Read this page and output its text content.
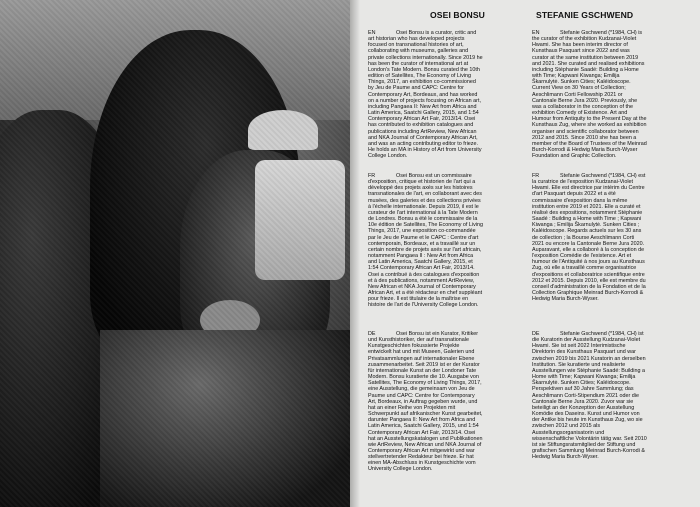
OSEI BONSU	STEFANIE GSCHWEND
EN	Osei Bonsu is a curator, critic and art historian who has developed projects focused on transnational histories of art, collaborating with museums, galleries and private collections internationally. Since 2019 he has been the curator of international art at London's Tate Modern. Bonsu curated the 10th edition of Satellites, The Economy of Living Things, 2017, an exhibition co-commissioned by Jeu de Paume and CAPC: Centre for Contemporary Art, Bordeaux, and has worked on a number of projects focusing on African art, including Pangaea II: New Art from Africa and Latin America, Saatchi Gallery, 2015, and 1:54 Contemporary African Art Fair, 2013/14. Osei has contributed to exhibition catalogues and publications including ArtReview, New African and NKA Journal of Contemporary African Art, and was an acting contributing editor to frieze. He holds an MA in History of Art from University College London.
FR	Osei Bonsu est un commissaire d'exposition, critique et historien de l'art qui a développé des projets axés sur les histoires transnationales de l'art, en collaborant avec des musées, des galeries et des collections privées à l'échelle internationale. Depuis 2019, il est le curateur de l'art international à la Tate Modern de Londres. Bonsu a été le commissaire de la 10e édition de Satellites, The Economy of Living Things, 2017, une exposition co-commandée par le Jeu de Paume et le CAPC : Centre d'art contemporain, Bordeaux, et a travaillé sur un certain nombre de projets axés sur l'art africain, notamment Pangaea II : New Art from Africa and Latin America, Saatchi Gallery, 2015, et 1:54 Contemporary African Art Fair, 2013/14. Osei a contribué à des catalogues d'exposition et à des publications, notamment ArtReview, New African et NKA Journal of Contemporary African Art, et a été rédacteur en chef suppléant pour frieze. Il est titulaire de la maîtrise en histoire de l'art de l'University College London.
DE	Osei Bonsu ist ein Kurator, Kritiker und Kunsthistoriker, der auf transnationale Kunstgeschichten fokussierte Projekte entwickelt hat und mit Museen, Galerien und Privatsammlungen auf internationaler Ebene zusammenarbeitet. Seit 2019 ist er der Kurator für internationale Kunst an der Londoner Tate Modern. Bonsu kuratierte die 10. Ausgabe von Satellites, The Economy of Living Things, 2017, eine Ausstellung, die gemeinsam von Jeu de Paume und CAPC: Centre for Contemporary Art, Bordeaux, in Auftrag gegeben wurde, und hat an einer Reihe von Projekten mit Schwerpunkt auf afrikanischer Kunst gearbeitet, darunter Pangaea II: New Art from Africa and Latin America, Saatchi Gallery, 2015, und 1:54 Contemporary African Art Fair, 2013/14. Osei hat an Ausstellungskatalogen und Publikationen wie ArtReview, New African und NKA Journal of Contemporary African Art mitgewirkt und war stellvertretender Redakteur bei frieze. Er hat einen MA-Abschluss in Kunstgeschichte vom University College London.
EN	Stefanie Gschwend (*1984, CH) is the curator of the exhibition Kudzanai-Violet Hwami. She has been interim director of Kunsthaus Pasquart since 2022 and was curator at the same institution between 2019 and 2021. She curated and realised exhibitions including Stéphanie Saadé: Building a Home with Time; Kapwani Kiwanga; Emilija Škarnulytė. Sunken Cities; Kaléidoscope. Current View on 30 Years of Collection; Aeschlimann Corti Fellowship 2021 or Cantonale Berne Jura 2020. Previously, she was a collaborator in the conception of the exhibition Comedy of Existence. Art and Humour from Antiquity to the Present Day at the Kunsthaus Zug, where she worked as exhibition organiser and scientific collaborator between 2012 and 2015. Since 2010 she has been a member of the Board of Trustees of the Meinrad Burch-Korrodi & Hedwig Maria Burch-Wyser Foundation and Graphic Collection.
FR	Stefanie Gschwend (*1984, CH) est la curatrice de l'exposition Kudzanai-Violet Hwami. Elle est directrice par intérim du Centre d'art Pasquart depuis 2022 et a été commissaire d'exposition dans la même institution entre 2019 et 2021. Elle a curaté et réalisé des expositions, notamment Stéphanie Saadé : Building a Home with Time ; Kapwani Kiwanga ; Emilija Škarnulytė. Sunken Cities ; Kaléidoscope. Regards actuels sur les 30 ans de collection ; la Bourse Aeschlimann Corti 2021 ou encore la Cantonale Berne Jura 2020. Auparavant, elle a collaboré à la conception de l'exposition Comédie de l'existence. Art et humour de l'Antiquité à nos jours au Kunsthaus Zug, où elle a travaillé comme organisatrice d'expositions et collaboratrice scientifique entre 2012 et 2015. Depuis 2010, elle est membre du conseil d'administration de la Fondation et de la Collection Graphique Meinrad Burch-Korrodi & Hedwig Maria Burch-Wyser.
DE	Stefanie Gschwend (*1984, CH) ist die Kuratorin der Ausstellung Kudzanai-Violet Hwami. Sie ist seit 2022 Interimistische Direktorin des Kunsthaus Pasquart und war zwischen 2019 bis 2021 Kuratorin an derselben Institution. Sie kuratierte und realisierte Ausstellungen wie Stéphanie Saadé: Building a Home with Time; Kapwani Kiwanga; Emilija Škarnulytė. Sunken Cities; Kaléidoscope. Perspektiven auf 30 Jahre Sammlung; das Aeschlimann Corti-Stipendium 2021 oder die Cantonale Berne Jura 2020. Zuvor war sie beteiligt an der Konzeption der Ausstellung Komödie des Daseins. Kunst und Humor von der Antike bis heute im Kunsthaus Zug, wo sie zwischen 2012 und 2015 als Ausstellungsorganisatorin und wissenschaftliche Volontärin tätig war. Seit 2010 ist sie Stiftungsratsmitglied der Stiftung und grafischen Sammlung Meinrad Burch-Korrodi & Hedwig Maria Burch-Wyser.
